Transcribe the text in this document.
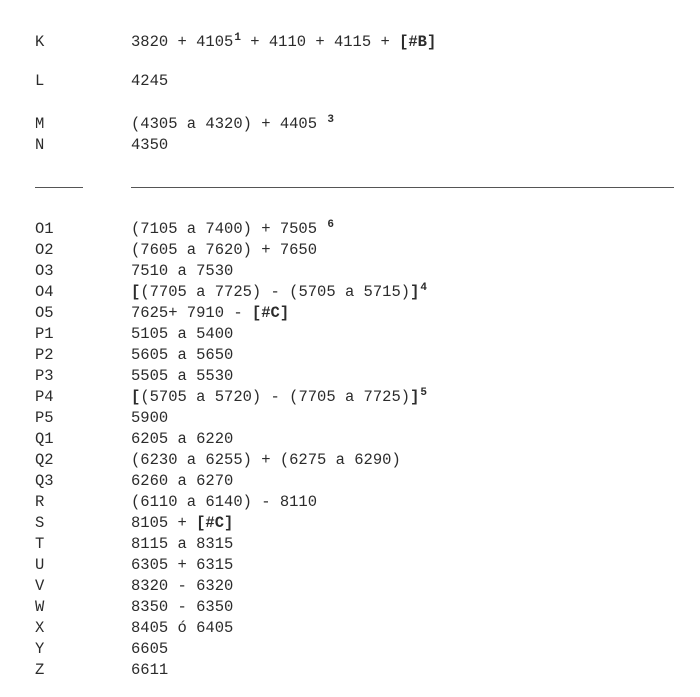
K	$3820 + 4105^1 + 4110 + 4115$ + [#B]
L	4245
M	(4305 a 4320) + 4405 $^3$
N	4350
O1	(7105 a 7400) + 7505 $^6$
O2	(7605 a 7620) + 7650
O3	7510 a 7530
O4	[(7705 a 7725) - (5705 a 5715)]$^4$
O5	7625+ 7910 - [#C]
P1	5105 a 5400
P2	5605 a 5650
P3	5505 a 5530
P4	[(5705 a 5720) - (7705 a 7725)]$^5$
P5	5900
Q1	6205 a 6220
Q2	(6230 a 6255) + (6275 a 6290)
Q3	6260 a 6270
R	(6110 a 6140) - 8110
S	8105 + [#C]
T	8115 a 8315
U	6305 + 6315
V	8320 - 6320
W	8350 - 6350
X	8405 ó 6405
Y	6605
Z	6611
